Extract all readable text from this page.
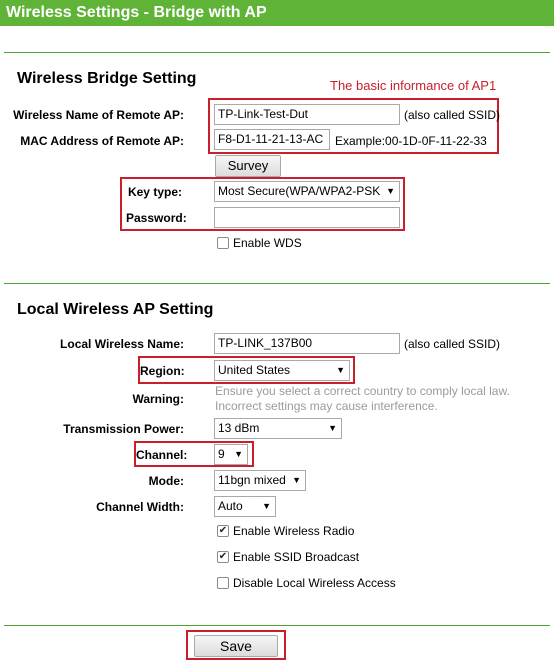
Wireless Settings - Bridge with AP
Wireless Bridge Setting	The basic informance of AP1
Wireless Name of Remote AP:	TP-Link-Test-Dut	(also called SSID)
MAC Address of Remote AP:	F8-D1-11-21-13-AC Example:00-1D-0F-11-22-33
Survey
Key type:	Most Secure(WPA/WPA2-PSK ▼
Password:
Enable WDS
Local Wireless AP Setting
Local Wireless Name:	TP-LINK_137B00	(also called SSID)
Region:	United States	▼
Warning:
Ensure you select a correct country to comply local law.
Incorrect settings may cause interference.
Transmission Power:	13 dBm	▼
Channel:	9 ▼
Mode:	11bgn mixed ▼
Channel Width:	Auto ▼
✔ Enable Wireless Radio
✔ Enable SSID Broadcast
Disable Local Wireless Access
Save
